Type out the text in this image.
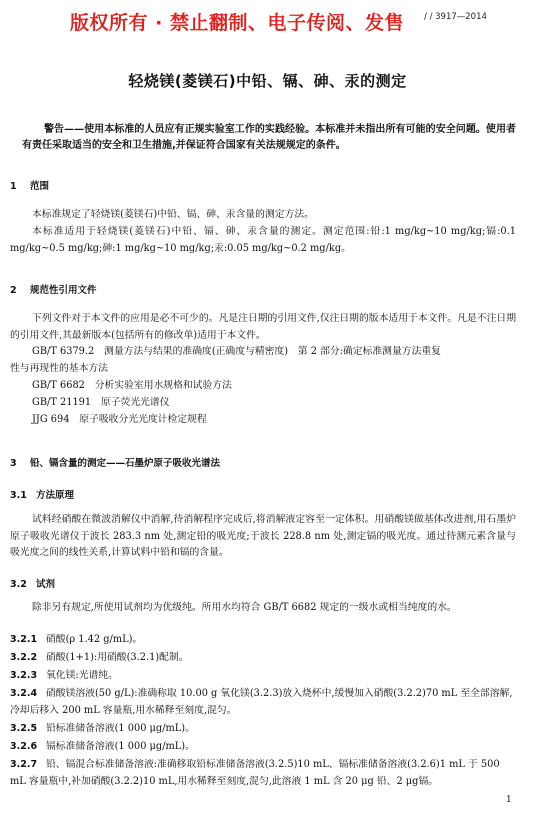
版权所有 · 禁止翻制、电子传阅、发售 / / 3917—2014
轻烧镁(菱镁石)中铅、镉、砷、汞的测定
警告——使用本标准的人员应有正规实验室工作的实践经验。本标准并未指出所有可能的安全问题。使用者有责任采取适当的安全和卫生措施,并保证符合国家有关法规规定的条件。
1 范围
本标准规定了轻烧镁(菱镁石)中铅、镉、砷、汞含量的测定方法。
本标准适用于轻烧镁(菱镁石)中铅、镉、砷、汞含量的测定。测定范围:铅:1 mg/kg~10 mg/kg;镉:0.1 mg/kg~0.5 mg/kg;砷:1 mg/kg~10 mg/kg;汞:0.05 mg/kg~0.2 mg/kg。
2 规范性引用文件
下列文件对于本文件的应用是必不可少的。凡是注日期的引用文件,仅注日期的版本适用于本文件。凡是不注日期的引用文件,其最新版本(包括所有的修改单)适用于本文件。
GB/T 6379.2　测量方法与结果的准确度(正确度与精密度)　第 2 部分:确定标准测量方法重复
性与再现性的基本方法
GB/T 6682　分析实验室用水规格和试验方法
GB/T 21191　原子荧光光谱仪
JJG 694　原子吸收分光光度计检定规程
3 铅、镉含量的测定——石墨炉原子吸收光谱法
3.1 方法原理
试料经硝酸在微波消解仪中消解,待消解程序完成后,将消解液定容至一定体积。用硝酸镁做基体改进剂,用石墨炉原子吸收光谱仪于波长 283.3 nm 处,测定铅的吸光度;于波长 228.8 nm 处,测定镉的吸光度。通过待测元素含量与吸光度之间的线性关系,计算试料中铅和镉的含量。
3.2 试剂
除非另有规定,所使用试剂均为优级纯。所用水均符合 GB/T 6682 规定的一级水或相当纯度的水。
3.2.1 硝酸(ρ 1.42 g/mL)。
3.2.2 硝酸(1+1):用硝酸(3.2.1)配制。
3.2.3 氧化镁:光谱纯。
3.2.4 硝酸镁溶液(50 g/L):准确称取 10.00 g 氧化镁(3.2.3)放入烧杯中,缓慢加入硝酸(3.2.2)70 mL 至全部溶解,冷却后移入 200 mL 容量瓶,用水稀释至刻度,混匀。
3.2.5 铅标准储备溶液(1 000 μg/mL)。
3.2.6 镉标准储备溶液(1 000 μg/mL)。
3.2.7 铅、镉混合标准储备溶液:准确移取铅标准储备溶液(3.2.5)10 mL、镉标准储备溶液(3.2.6)1 mL 于 500 mL 容量瓶中,补加硝酸(3.2.2)10 mL,用水稀释至刻度,混匀,此溶液 1 mL 含 20 μg 铅、2 μg镉。
1
